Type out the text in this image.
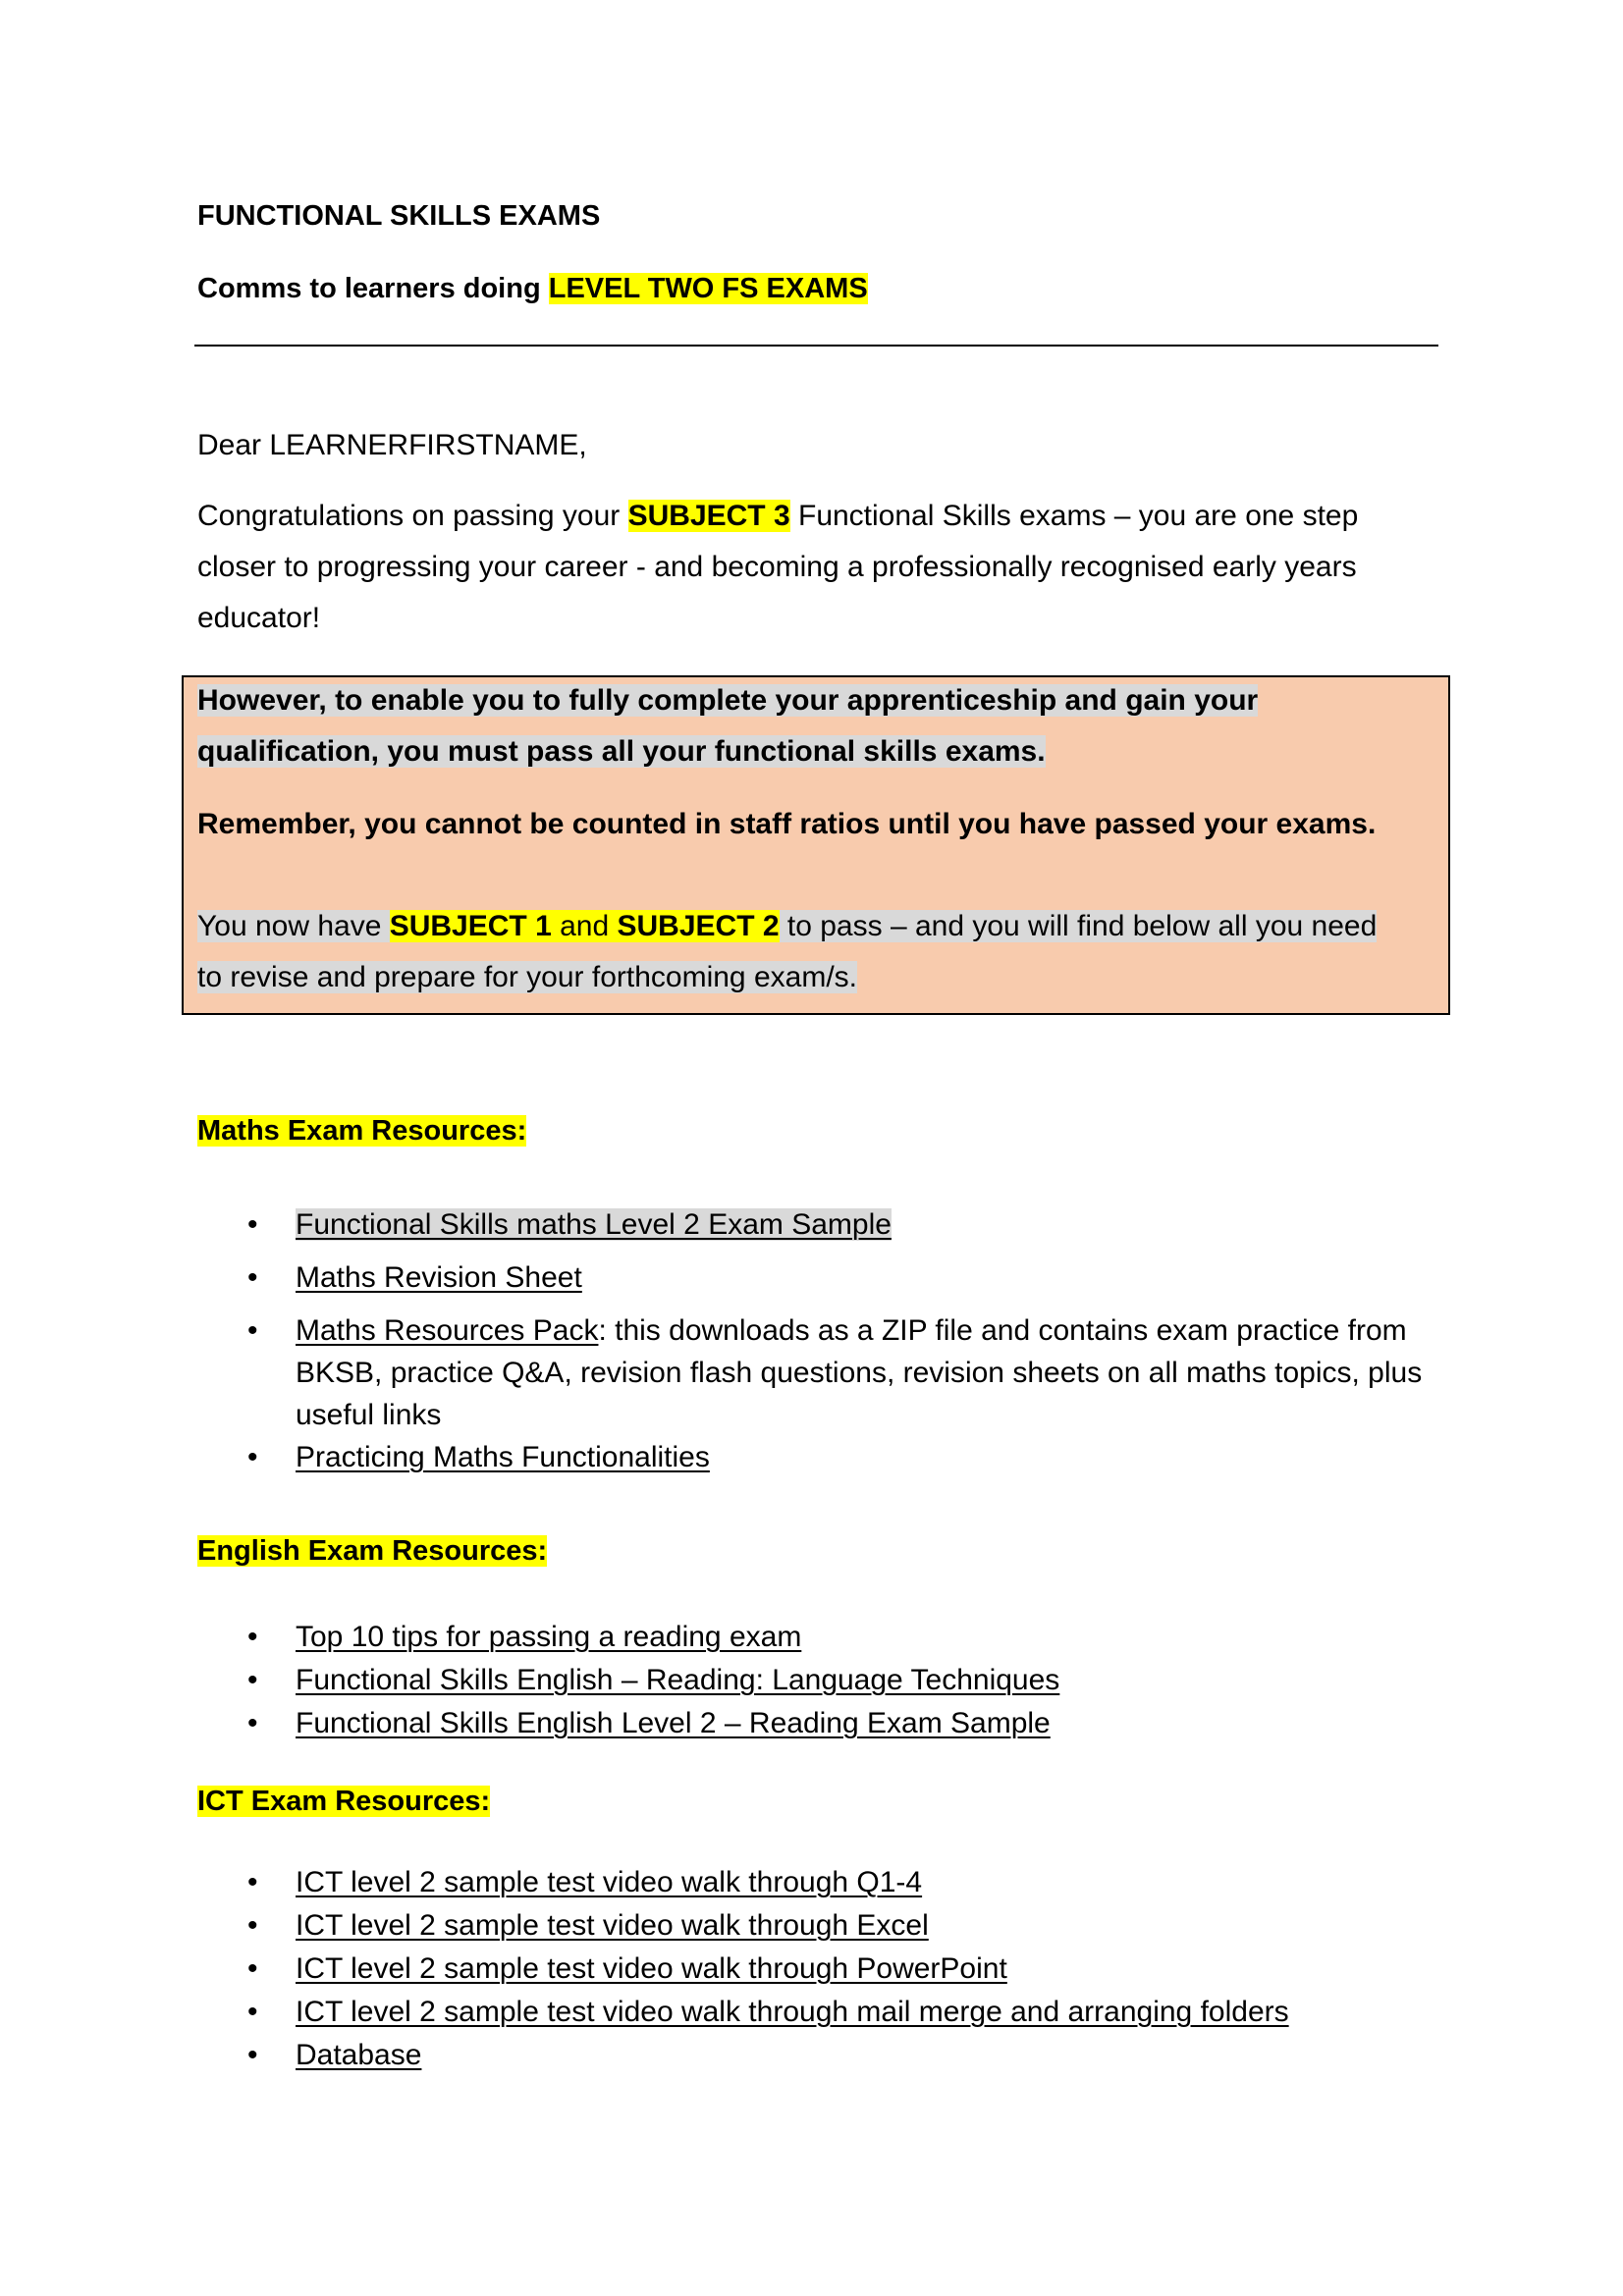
FUNCTIONAL SKILLS EXAMS
Comms to learners doing LEVEL TWO FS EXAMS
Dear LEARNERFIRSTNAME,
Congratulations on passing your SUBJECT 3 Functional Skills exams – you are one step
closer to progressing your career - and becoming a professionally recognised early years
educator!
However, to enable you to fully complete your apprenticeship and gain your
qualification, you must pass all your functional skills exams.
Remember, you cannot be counted in staff ratios until you have passed your exams.
You now have SUBJECT 1 and SUBJECT 2 to pass – and you will find below all you need
to revise and prepare for your forthcoming exam/s.
Maths Exam Resources:
• Functional Skills maths Level 2 Exam Sample
• Maths Revision Sheet
• Maths Resources Pack: this downloads as a ZIP file and contains exam practice from BKSB, practice Q&A, revision flash questions, revision sheets on all maths topics, plus useful links
• Practicing Maths Functionalities
English Exam Resources:
• Top 10 tips for passing a reading exam
• Functional Skills English – Reading: Language Techniques
• Functional Skills English Level 2 – Reading Exam Sample
ICT Exam Resources:
• ICT level 2 sample test video walk through Q1-4
• ICT level 2 sample test video walk through Excel
• ICT level 2 sample test video walk through PowerPoint
• ICT level 2 sample test video walk through mail merge and arranging folders
• Database
